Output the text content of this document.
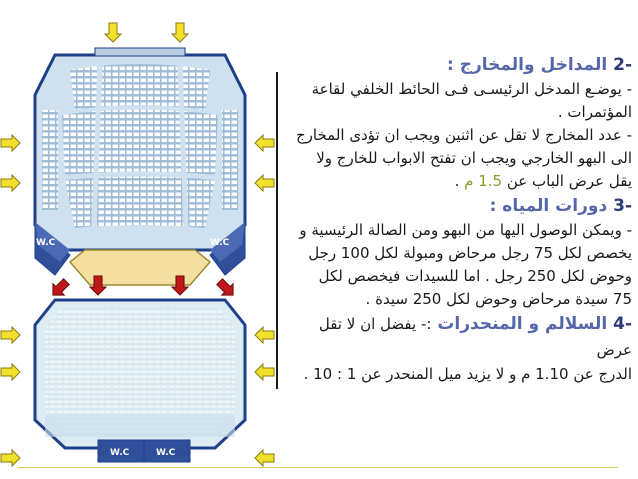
W.C	W.C
W.C	W.C

-2 المداخل والمخارج :

- يوضـع المدخل الرئيسـى فـى الحائط الخلفي لقاعة

المؤتمرات .

- عدد المخارج لا تقل عن اثنين ويجب ان تؤدى المخارج

الى البهو الخارجي ويجب ان تفتح الابواب للخارج ولا

يقل عرض الباب عن 1.5 م .

-3 دورات المياه :

- ويمكن الوصول اليها من البهو ومن الصالة الرئيسية و

يخصص لكل 75 رجل مرحاض ومبولة لكل 100 رجل

وحوض لكل 250 رجل . اما للسيدات فيخصص لكل

75 سيدة مرحاض وحوض لكل 250 سيدة .

-4 السلالم و المنحدرات :- يفضل ان لا تقل عرض

الدرج عن 1.10 م و لا يزيد ميل المنحدر عن 1 : 10 .
